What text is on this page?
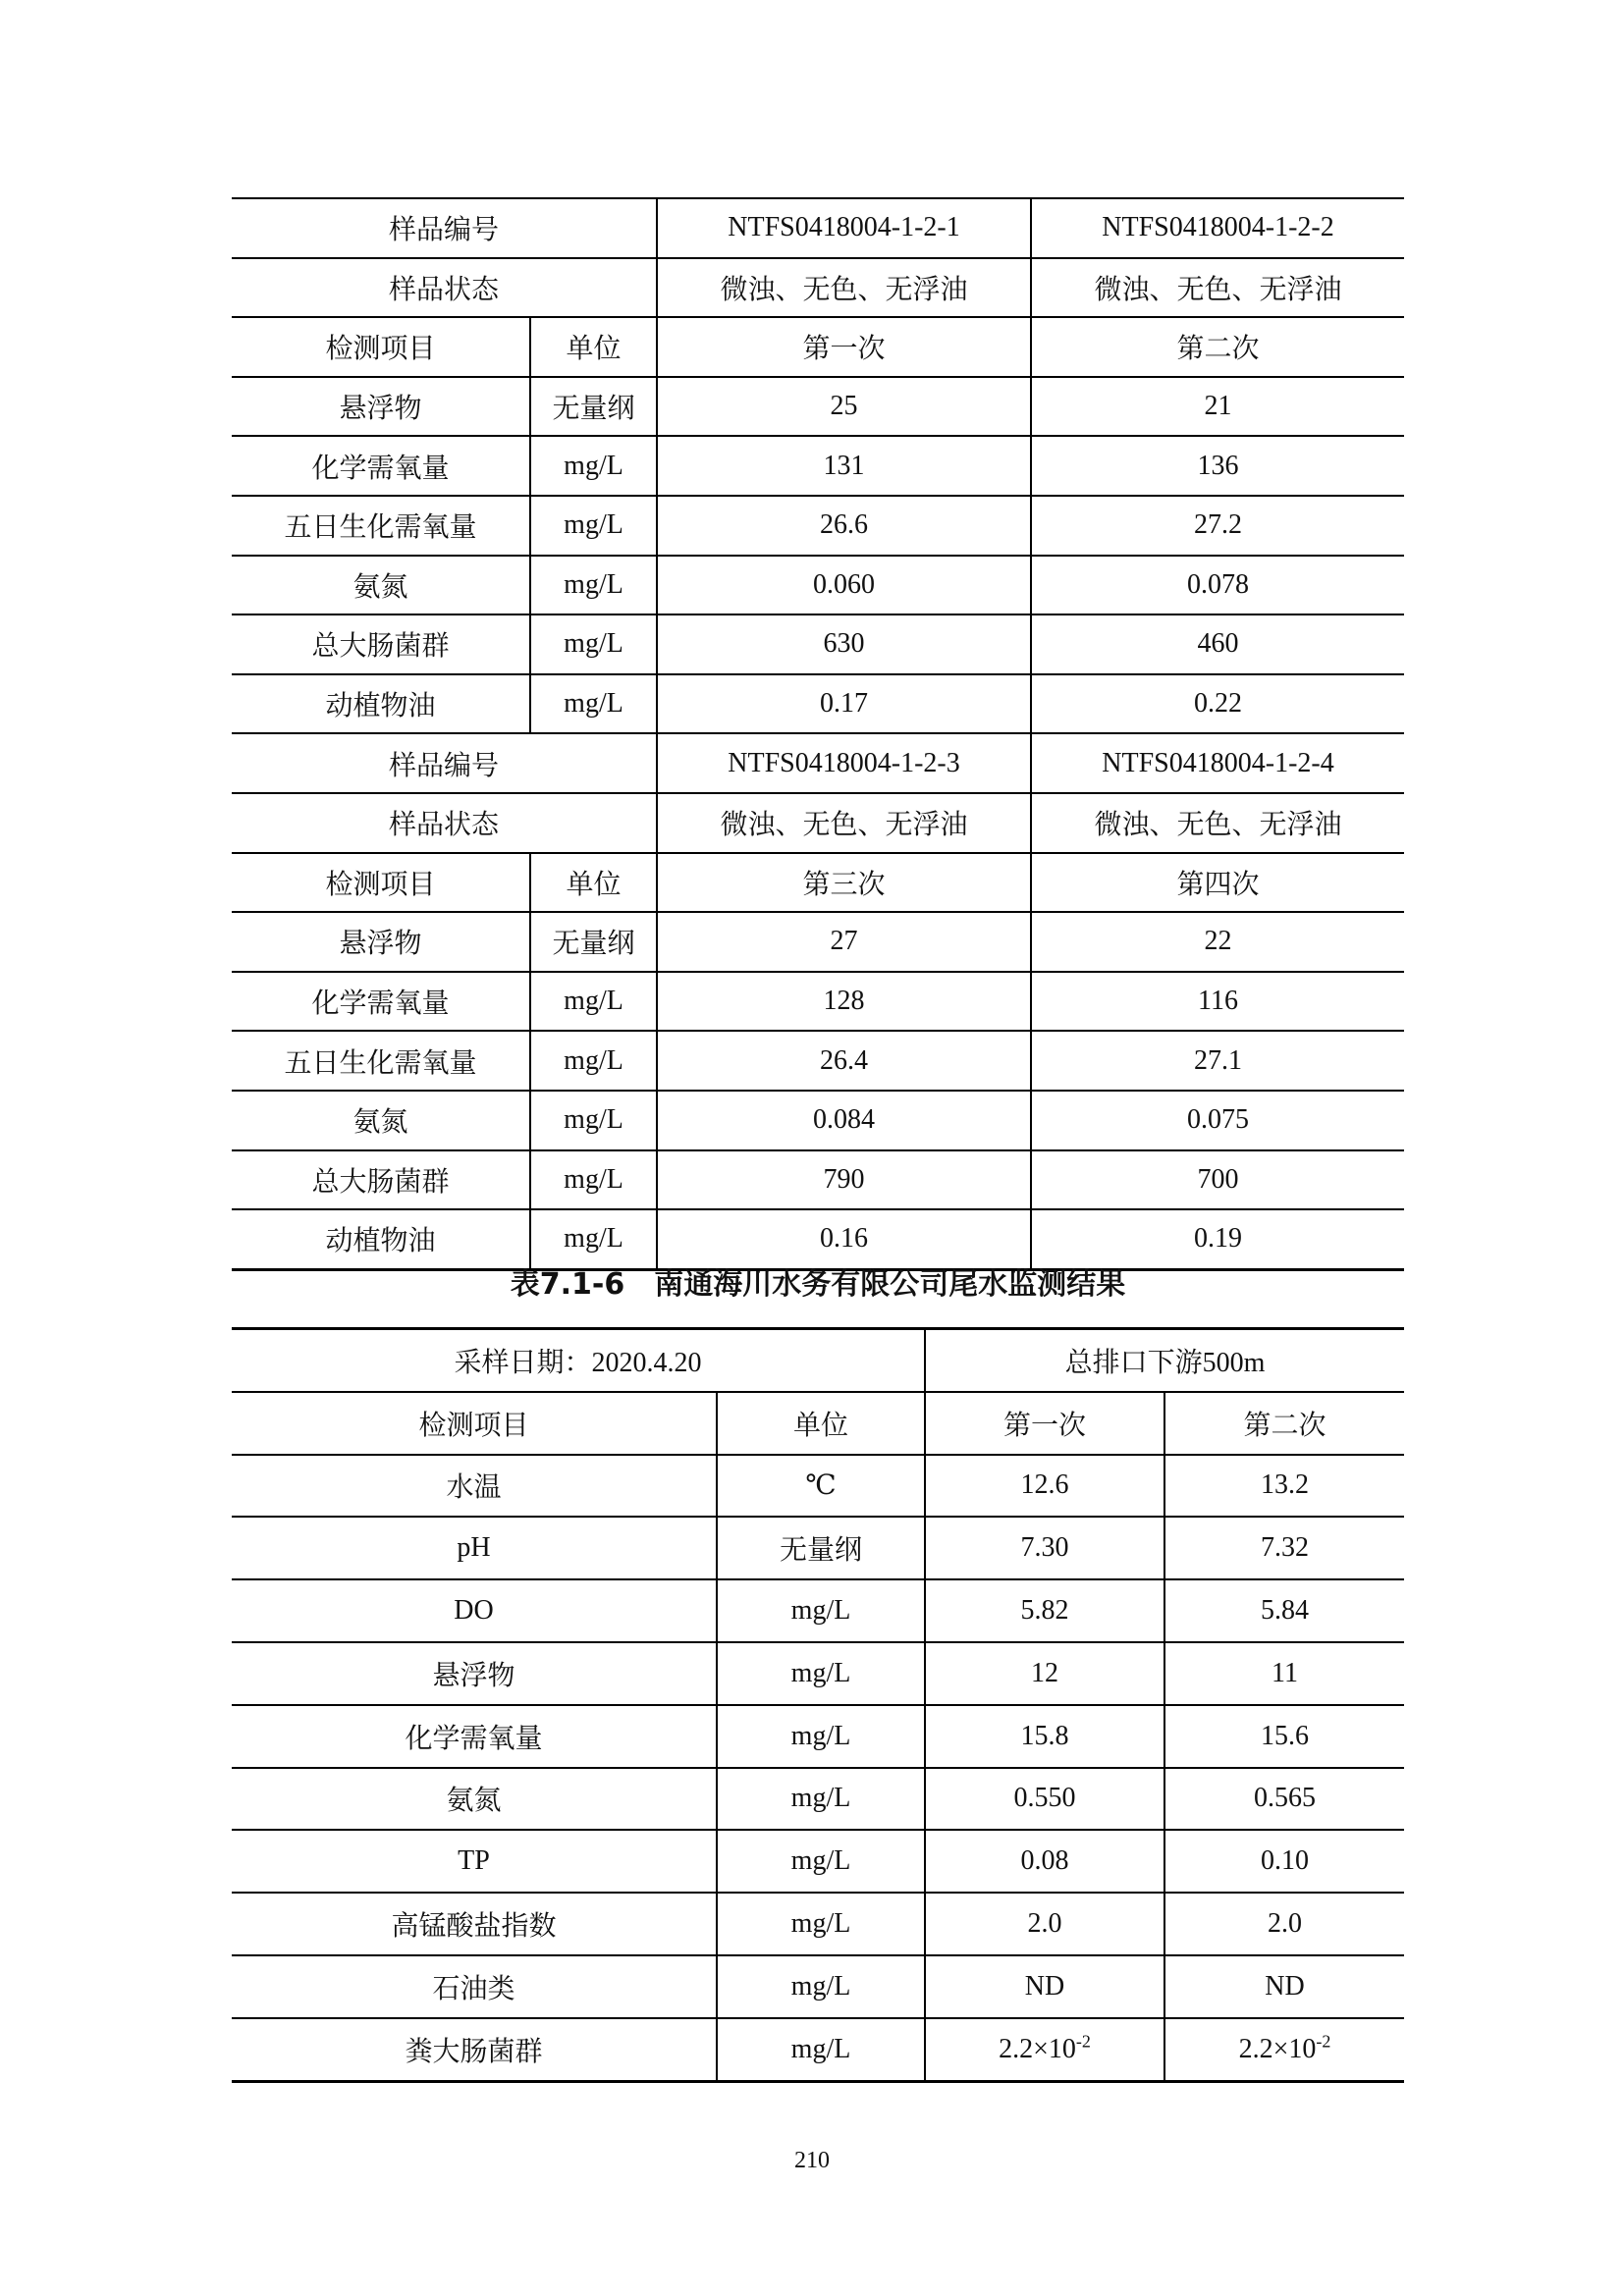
样品编号		NTFS0418004-1-2-1	NTFS0418004-1-2-2
样品状态		微浊、无色、无浮油	微浊、无色、无浮油
检测项目	单位	第一次	第二次
悬浮物	无量纲	25	21
化学需氧量	mg/L	131	136
五日生化需氧量	mg/L	26.6	27.2
氨氮	mg/L	0.060	0.078
总大肠菌群	mg/L	630	460
动植物油	mg/L	0.17	0.22
样品编号		NTFS0418004-1-2-3	NTFS0418004-1-2-4
样品状态		微浊、无色、无浮油	微浊、无色、无浮油
检测项目	单位	第三次	第四次
悬浮物	无量纲	27	22
化学需氧量	mg/L	128	116
五日生化需氧量	mg/L	26.4	27.1
氨氮	mg/L	0.084	0.075
总大肠菌群	mg/L	790	700
动植物油	mg/L	0.16	0.19
表7.1-6　南通海川水务有限公司尾水监测结果
采样日期：2020.4.20		总排口下游500m	
检测项目	单位	第一次	第二次
水温	℃	12.6	13.2
pH	无量纲	7.30	7.32
DO	mg/L	5.82	5.84
悬浮物	mg/L	12	11
化学需氧量	mg/L	15.8	15.6
氨氮	mg/L	0.550	0.565
TP	mg/L	0.08	0.10
高锰酸盐指数	mg/L	2.0	2.0
石油类	mg/L	ND	ND
粪大肠菌群	mg/L	$2.2\times 10^{-2}$	$2.2\times 10^{-2}$
210
